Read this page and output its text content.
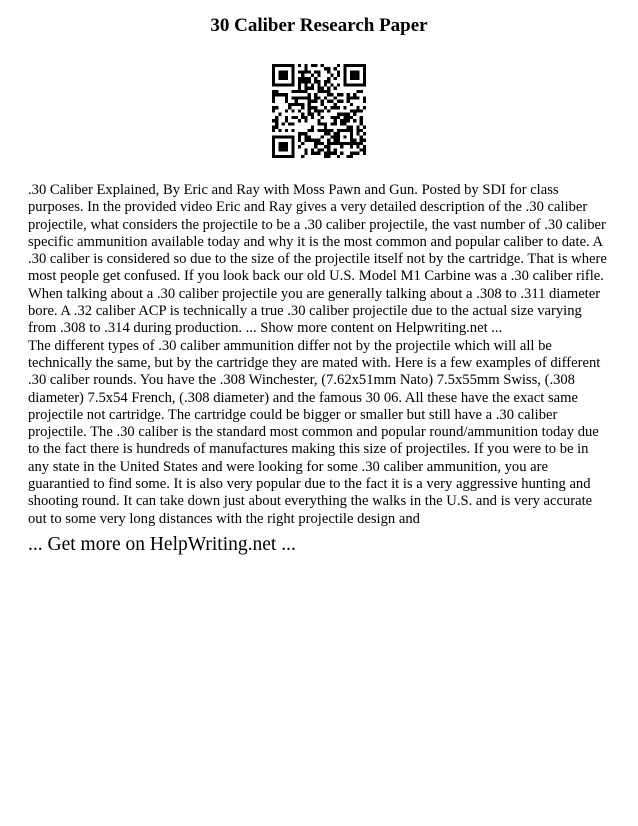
30 Caliber Research Paper

.30 Caliber Explained, By Eric and Ray with Moss Pawn and Gun. Posted by SDI for class purposes. In the provided video Eric and Ray gives a very detailed description of the .30 caliber projectile, what considers the projectile to be a .30 caliber projectile, the vast number of .30 caliber specific ammunition available today and why it is the most common and popular caliber to date. A .30 caliber is considered so due to the size of the projectile itself not by the cartridge. That is where most people get confused. If you look back our old U.S. Model M1 Carbine was a .30 caliber rifle. When talking about a .30 caliber projectile you are generally talking about a .308 to .311 diameter bore. A .32 caliber ACP is technically a true .30 caliber projectile due to the actual size varying from .308 to .314 during production. ... Show more content on Helpwriting.net ...

The different types of .30 caliber ammunition differ not by the projectile which will all be technically the same, but by the cartridge they are mated with. Here is a few examples of different .30 caliber rounds. You have the .308 Winchester, (7.62x51mm Nato) 7.5x55mm Swiss, (.308 diameter) 7.5x54 French, (.308 diameter) and the famous 30 06. All these have the exact same projectile not cartridge. The cartridge could be bigger or smaller but still have a .30 caliber projectile. The .30 caliber is the standard most common and popular round/ammunition today due to the fact there is hundreds of manufactures making this size of projectiles. If you were to be in any state in the United States and were looking for some .30 caliber ammunition, you are guarantied to find some. It is also very popular due to the fact it is a very aggressive hunting and shooting round. It can take down just about everything the walks in the U.S. and is very accurate out to some very long distances with the right projectile design and

... Get more on HelpWriting.net ...
